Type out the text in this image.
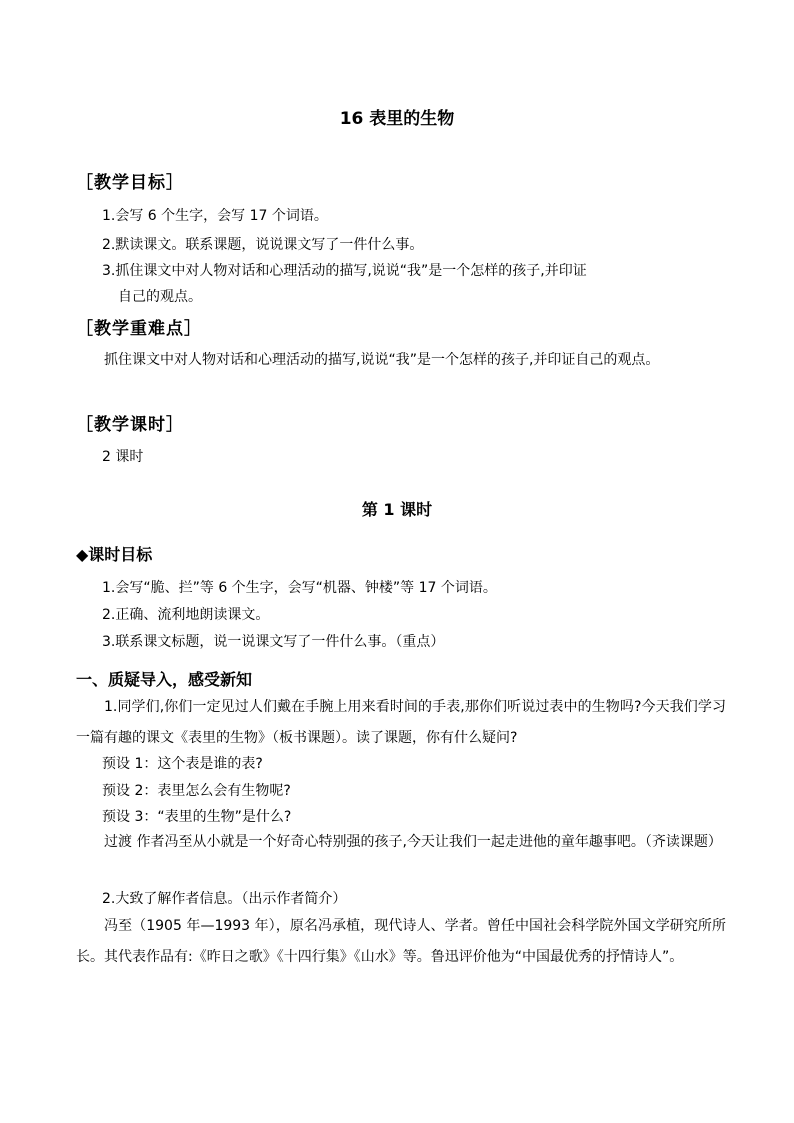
16 表里的生物
［教学目标］
1.会写 6 个生字，会写 17 个词语。
2.默读课文。联系课题，说说课文写了一件什么事。
3.抓住课文中对人物对话和心理活动的描写,说说“我”是一个怎样的孩子,并印证
自己的观点。
［教学重难点］
抓住课文中对人物对话和心理活动的描写,说说“我”是一个怎样的孩子,并印证自己的观点。
［教学课时］
2 课时
第 1 课时
◆课时目标
1.会写“脆、拦”等 6 个生字，会写“机器、钟楼”等 17 个词语。
2.正确、流利地朗读课文。
3.联系课文标题，说一说课文写了一件什么事。（重点）
一、质疑导入，感受新知
1.同学们,你们一定见过人们戴在手腕上用来看时间的手表,那你们听说过表中的生物吗?今天我们学习一篇有趣的课文《表里的生物》（板书课题）。读了课题，你有什么疑问?
预设 1：这个表是谁的表?
预设 2：表里怎么会有生物呢?
预设 3：“表里的生物”是什么?
过渡 作者冯至从小就是一个好奇心特别强的孩子,今天让我们一起走进他的童年趣事吧。（齐读课题）
2.大致了解作者信息。（出示作者简介）
冯至（1905 年—1993 年），原名冯承植，现代诗人、学者。曾任中国社会科学院外国文学研究所所长。其代表作品有:《昨日之歌》《十四行集》《山水》等。鲁迅评价他为“中国最优秀的抒情诗人”。
